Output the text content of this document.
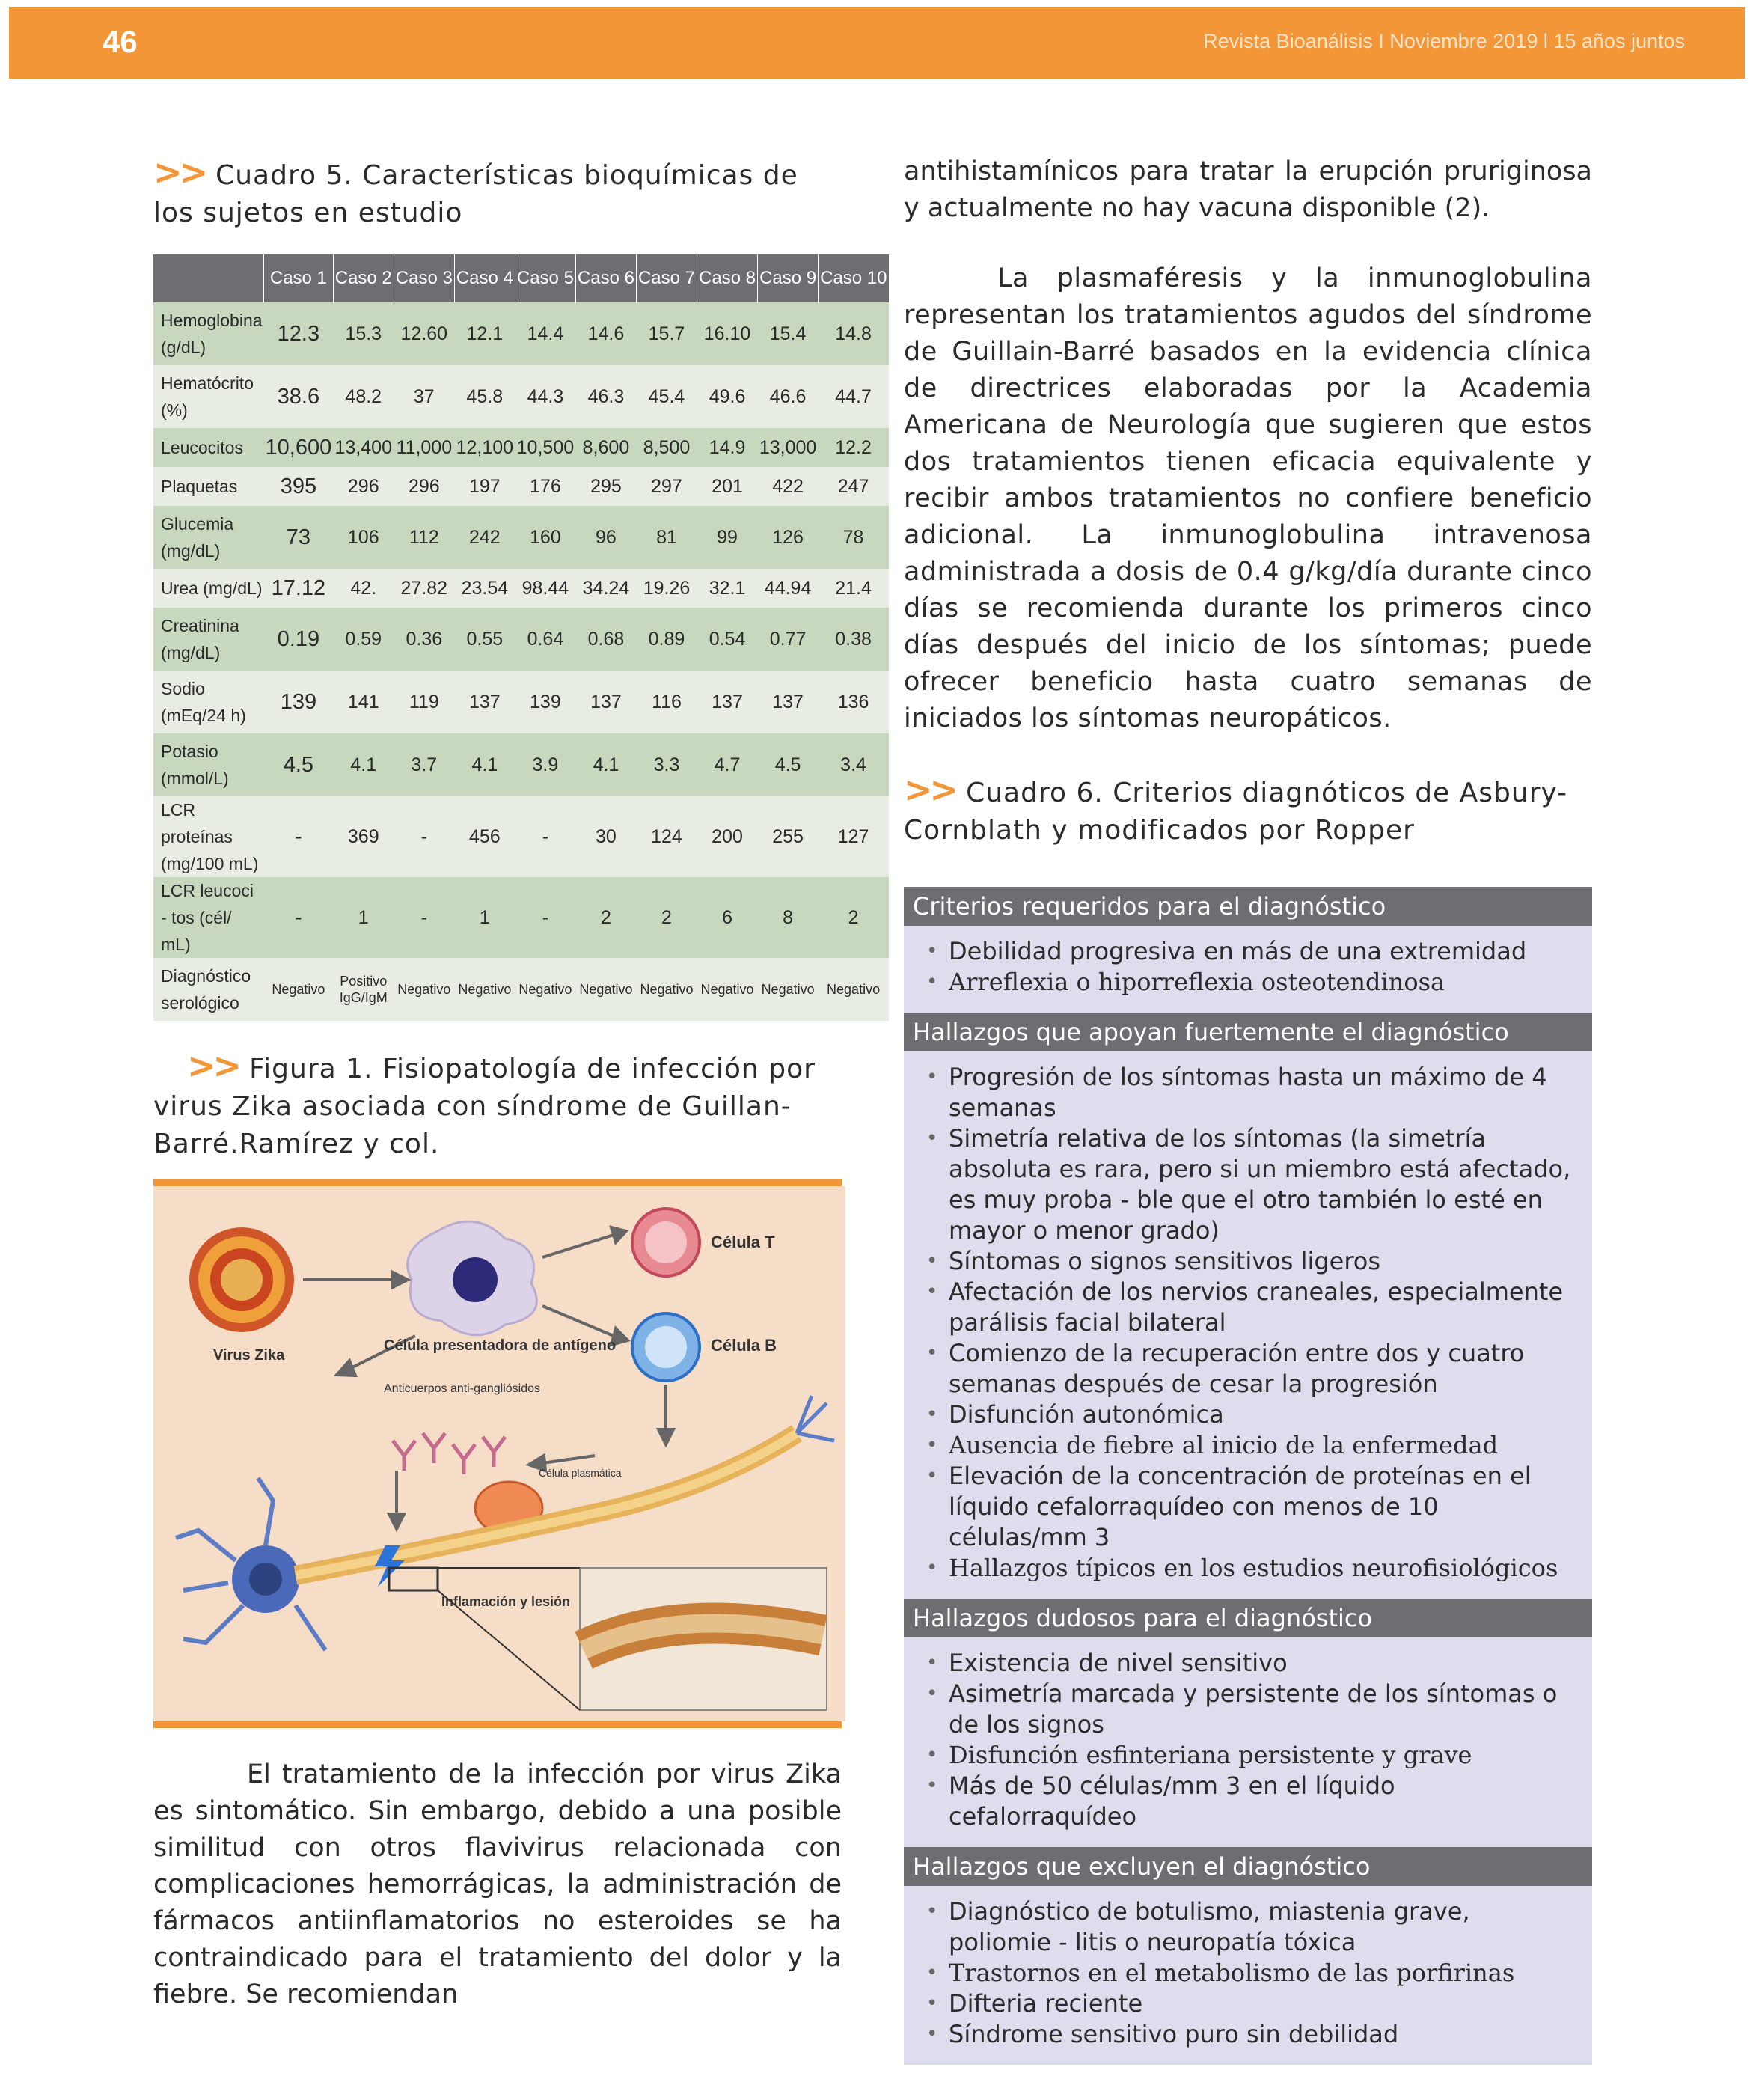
46	Revista Bioanálisis I Noviembre 2019 l 15 años juntos
>> Cuadro 5. Características bioquímicas de los sujetos en estudio
	Caso 1	Caso 2	Caso 3	Caso 4	Caso 5	Caso 6	Caso 7	Caso 8	Caso 9	Caso 10
Hemoglobina (g/dL)	12.3	15.3	12.60	12.1	14.4	14.6	15.7	16.10	15.4	14.8
Hematócrito (%)	38.6	48.2	37	45.8	44.3	46.3	45.4	49.6	46.6	44.7
Leucocitos	10,600	13,400	11,000	12,100	10,500	8,600	8,500	14.9	13,000	12.2
Plaquetas	395	296	296	197	176	295	297	201	422	247
Glucemia (mg/dL)	73	106	112	242	160	96	81	99	126	78
Urea (mg/dL)	17.12	42.	27.82	23.54	98.44	34.24	19.26	32.1	44.94	21.4
Creatinina (mg/dL)	0.19	0.59	0.36	0.55	0.64	0.68	0.89	0.54	0.77	0.38
Sodio (mEq/24 h)	139	141	119	137	139	137	116	137	137	136
Potasio (mmol/L)	4.5	4.1	3.7	4.1	3.9	4.1	3.3	4.7	4.5	3.4
LCR proteínas (mg/100 mL)	-	369	-	456	-	30	124	200	255	127
LCR leucoci - tos (cél/ mL)	-	1	-	1	-	2	2	6	8	2
Diagnóstico serológico	Negativo	Positivo IgG/IgM	Negativo	Negativo	Negativo	Negativo	Negativo	Negativo	Negativo	Negativo
>> Figura 1. Fisiopatología de infección por virus Zika asociada con síndrome de Guillan-Barré.Ramírez y col.
Virus Zika
Célula presentadora de antígeno
Célula T
Célula B
Anticuerpos anti-gangliósidos
Célula plasmática
Inflamación y lesión

El tratamiento de la infección por virus Zika es sintomático. Sin embargo, debido a una posible similitud con otros flavivirus relacionada con complicaciones hemorrágicas, la administración de fármacos antiinflamatorios no esteroides se ha contraindicado para el tratamiento del dolor y la fiebre. Se recomiendan

antihistamínicos para tratar la erupción pruriginosa y actualmente no hay vacuna disponible (2).

La plasmaféresis y la inmunoglobulina representan los tratamientos agudos del síndrome de Guillain-Barré basados en la evidencia clínica de directrices elaboradas por la Academia Americana de Neurología que sugieren que estos dos tratamientos tienen eficacia equivalente y recibir ambos tratamientos no confiere beneficio adicional. La inmunoglobulina intravenosa administrada a dosis de 0.4 g/kg/día durante cinco días se recomienda durante los primeros cinco días después del inicio de los síntomas; puede ofrecer beneficio hasta cuatro semanas de iniciados los síntomas neuropáticos.

>> Cuadro 6. Criterios diagnóticos de Asbury-Cornblath y modificados por Ropper
Criterios requeridos para el diagnóstico
• Debilidad progresiva en más de una extremidad
• Arreflexia o hiporreflexia osteotendinosa
Hallazgos que apoyan fuertemente el diagnóstico
• Progresión de los síntomas hasta un máximo de 4 semanas
• Simetría relativa de los síntomas (la simetría absoluta es rara, pero si un miembro está afectado, es muy proba - ble que el otro también lo esté en mayor o menor grado)
• Síntomas o signos sensitivos ligeros
• Afectación de los nervios craneales, especialmente parálisis facial bilateral
• Comienzo de la recuperación entre dos y cuatro semanas después de cesar la progresión
• Disfunción autonómica
• Ausencia de fiebre al inicio de la enfermedad
• Elevación de la concentración de proteínas en el líquido cefalorraquídeo con menos de 10 células/mm 3
• Hallazgos típicos en los estudios neurofisiológicos
Hallazgos dudosos para el diagnóstico
• Existencia de nivel sensitivo
• Asimetría marcada y persistente de los síntomas o de los signos
• Disfunción esfinteriana persistente y grave
• Más de 50 células/mm 3 en el líquido cefalorraquídeo
Hallazgos que excluyen el diagnóstico
• Diagnóstico de botulismo, miastenia grave, poliomie - litis o neuropatía tóxica
• Trastornos en el metabolismo de las porfirinas
• Difteria reciente
• Síndrome sensitivo puro sin debilidad
